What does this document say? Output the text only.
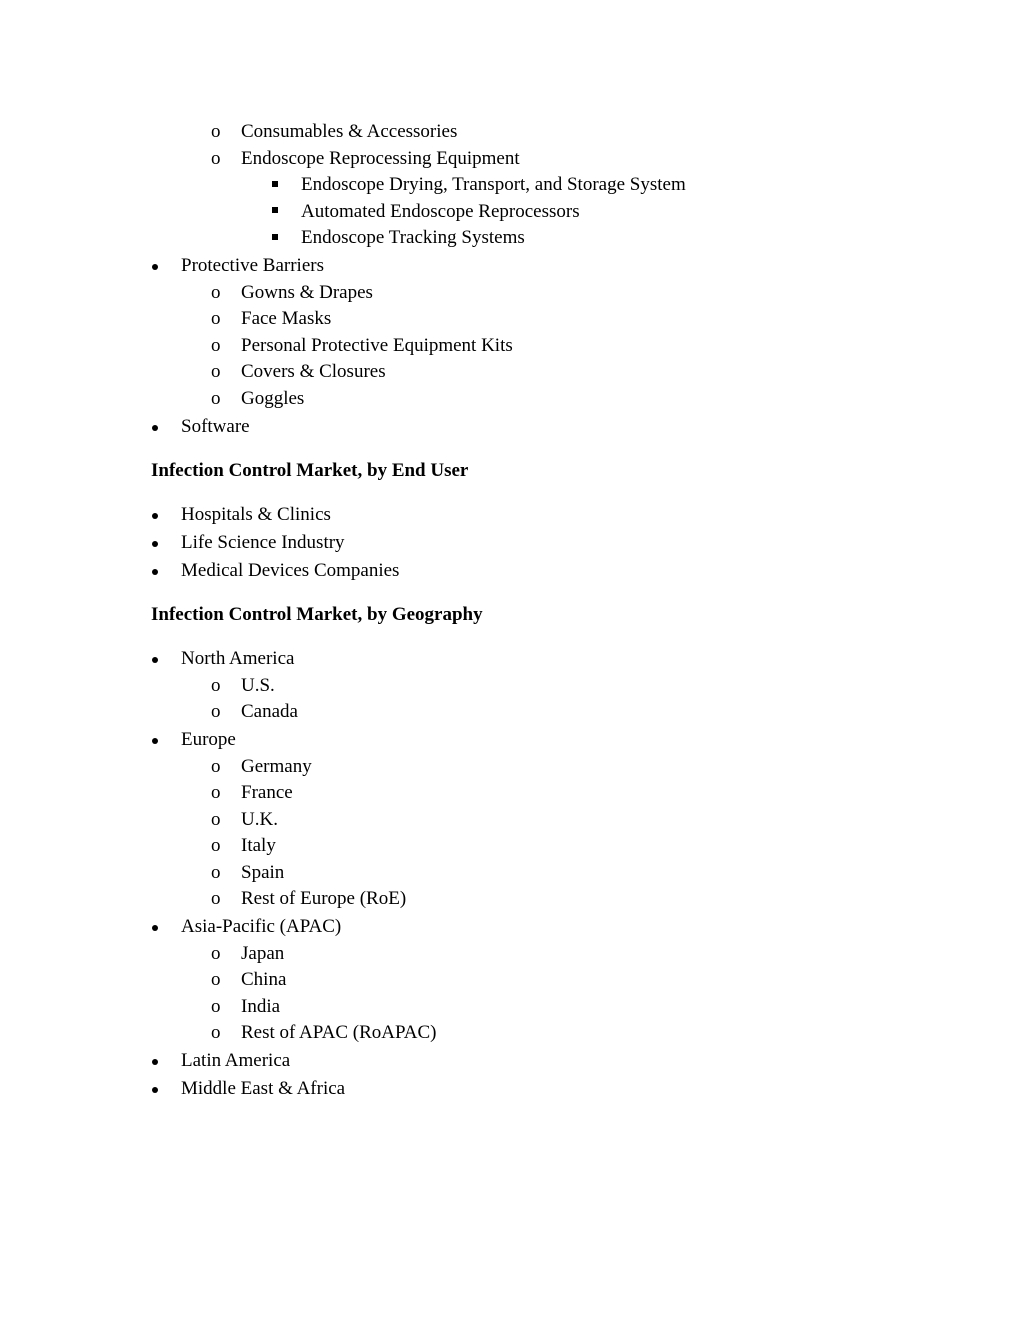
o Consumables & Accessories
o Endoscope Reprocessing Equipment
Endoscope Drying, Transport, and Storage System
Automated Endoscope Reprocessors
Endoscope Tracking Systems
Protective Barriers
o Gowns & Drapes
o Face Masks
o Personal Protective Equipment Kits
o Covers & Closures
o Goggles
Software
Infection Control Market, by End User
Hospitals & Clinics
Life Science Industry
Medical Devices Companies
Infection Control Market, by Geography
North America
o U.S.
o Canada
Europe
o Germany
o France
o U.K.
o Italy
o Spain
o Rest of Europe (RoE)
Asia-Pacific (APAC)
o Japan
o China
o India
o Rest of APAC (RoAPAC)
Latin America
Middle East & Africa
